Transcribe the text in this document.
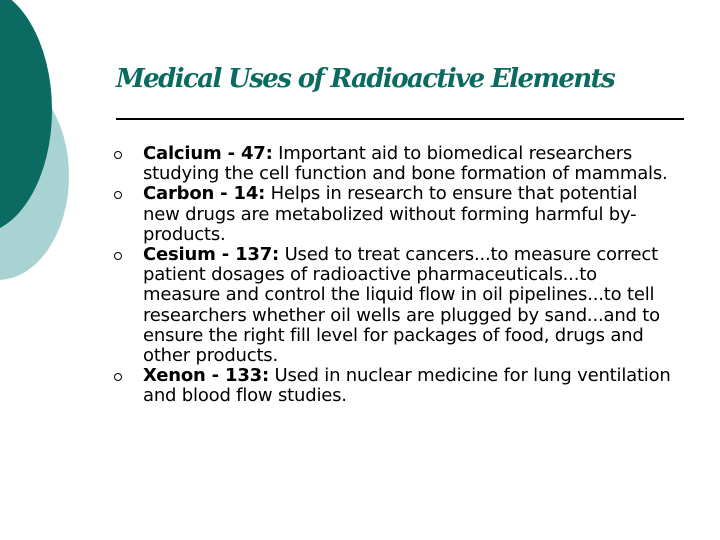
Medical Uses of Radioactive Elements
Calcium - 47: Important aid to biomedical researchers studying the cell function and bone formation of mammals.
Carbon - 14: Helps in research to ensure that potential new drugs are metabolized without forming harmful by-products.
Cesium - 137: Used to treat cancers...to measure correct patient dosages of radioactive pharmaceuticals...to measure and control the liquid flow in oil pipelines...to tell researchers whether oil wells are plugged by sand...and to ensure the right fill level for packages of food, drugs and other products.
Xenon - 133: Used in nuclear medicine for lung ventilation and blood flow studies.
